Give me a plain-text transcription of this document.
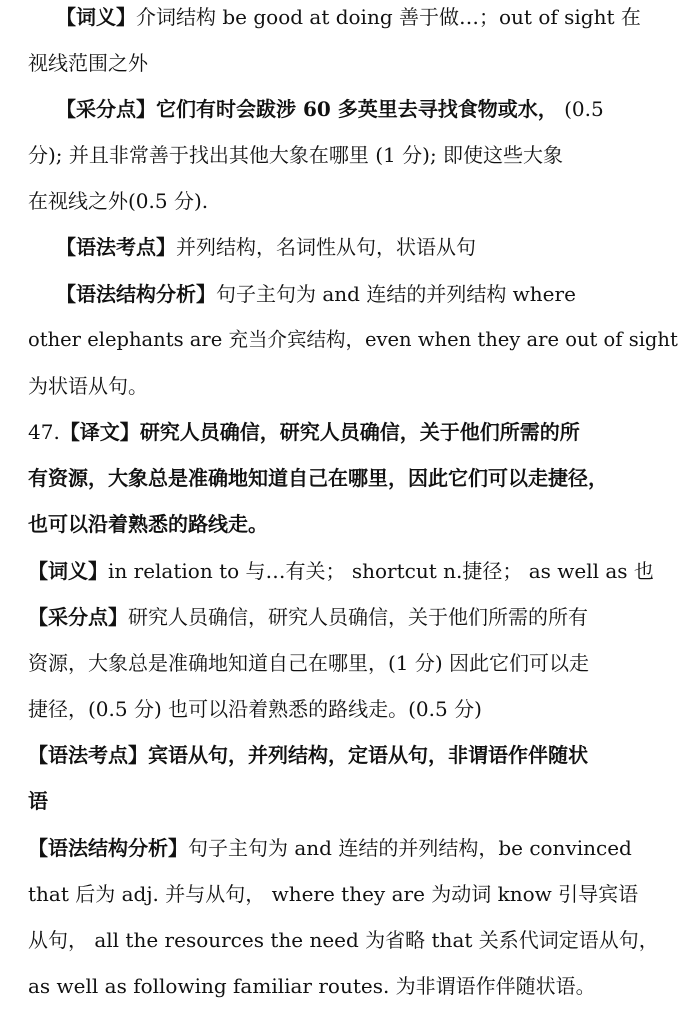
【词义】介词结构 be good at doing 善于做…；out of sight 在
视线范围之外
【采分点】它们有时会跋涉 60 多英里去寻找食物或水， (0.5
分); 并且非常善于找出其他大象在哪里 (1 分); 即使这些大象
在视线之外(0.5 分).
【语法考点】并列结构，名词性从句，状语从句
【语法结构分析】句子主句为 and 连结的并列结构 where
other elephants are 充当介宾结构，even when they are out of sight
为状语从句。
47.【译文】研究人员确信，研究人员确信，关于他们所需的所
有资源，大象总是准确地知道自己在哪里，因此它们可以走捷径，
也可以沿着熟悉的路线走。
【词义】in relation to 与…有关； shortcut n.捷径； as well as 也
【采分点】研究人员确信，研究人员确信，关于他们所需的所有
资源，大象总是准确地知道自己在哪里，(1 分) 因此它们可以走
捷径，(0.5 分) 也可以沿着熟悉的路线走。(0.5 分)
【语法考点】宾语从句，并列结构，定语从句，非谓语作伴随状
语
【语法结构分析】句子主句为 and 连结的并列结构，be convinced
that 后为 adj. 并与从句， where they are 为动词 know 引导宾语
从句， all the resources the need 为省略 that 关系代词定语从句，
as well as following familiar routes. 为非谓语作伴随状语。
